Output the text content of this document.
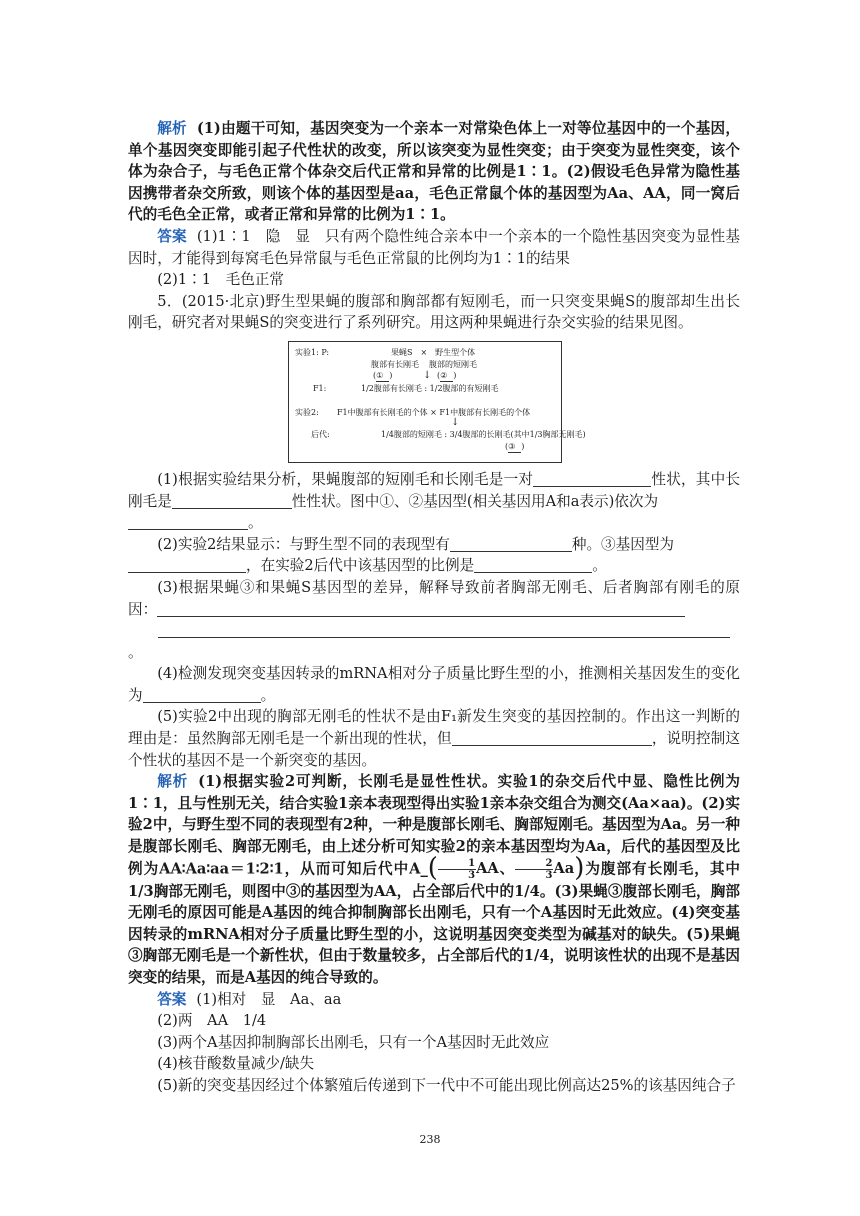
解析 (1)由题干可知，基因突变为一个亲本一对常染色体上一对等位基因中的一个基因，单个基因突变即能引起子代性状的改变，所以该突变为显性突变；由于突变为显性突变，该个体为杂合子，与毛色正常个体杂交后代正常和异常的比例是1∶1。(2)假设毛色异常为隐性基因携带者杂交所致，则该个体的基因型是aa，毛色正常鼠个体的基因型为Aa、AA，同一窝后代的毛色全正常，或者正常和异常的比例为1∶1。

答案 (1)1∶1　隐　显　只有两个隐性纯合亲本中一个亲本的一个隐性基因突变为显性基因时，才能得到每窝毛色异常鼠与毛色正常鼠的比例均为1∶1的结果

(2)1∶1　毛色正常

5．(2015·北京)野生型果蝇的腹部和胸部都有短刚毛，而一只突变果蝇S的腹部却生出长刚毛，研究者对果蝇S的突变进行了系列研究。用这两种果蝇进行杂交实验的结果见图。

实验1: P:	果蝇S　×　野生型个体
腹部有长刚毛 腹部的短刚毛
(① )	(② )
↓
F1:	1/2腹部有长刚毛 : 1/2腹部的有短刚毛
实验2: F1中腹部有长刚毛的个体 × F1中腹部有长刚毛的个体
↓
后代:	1/4腹部的短刚毛 : 3/4腹部的长刚毛(其中1/3胸部无刚毛)
(③ )

(1)根据实验结果分析，果蝇腹部的短刚毛和长刚毛是一对	性状，其中长刚毛是	性性状。图中①、②基因型(相关基因用A和a表示)依次为
。

(2)实验2结果显示：与野生型不同的表现型有	种。③基因型为
，在实验2后代中该基因型的比例是	。

(3)根据果蝇③和果蝇S基因型的差异，解释导致前者胸部无刚毛、后者胸部有刚毛的原因：
。

(4)检测发现突变基因转录的mRNA相对分子质量比野生型的小，推测相关基因发生的变化为	。

(5)实验2中出现的胸部无刚毛的性状不是由F₁新发生突变的基因控制的。作出这一判断的理由是：虽然胸部无刚毛是一个新出现的性状，但	，说明控制这个性状的基因不是一个新突变的基因。

解析 (1)根据实验2可判断，长刚毛是显性性状。实验1的杂交后代中显、隐性比例为1∶1，且与性别无关，结合实验1亲本表现型得出实验1亲本杂交组合为测交(Aa×aa)。(2)实验2中，与野生型不同的表现型有2种，一种是腹部长刚毛、胸部短刚毛。基因型为Aa。另一种是腹部长刚毛、胸部无刚毛，由上述分析可知实验2的亲本基因型均为Aa，后代的基因型及比例为AA∶Aa∶aa＝1∶2∶1，从而可知后代中A_( $\frac{1}{3}$ AA、 $\frac{2}{3} Aa$)为腹部有长刚毛，其中1/3胸部无刚毛，则图中③的基因型为AA，占全部后代中的1/4。(3)果蝇③腹部长刚毛，胸部无刚毛的原因可能是A基因的纯合抑制胸部长出刚毛，只有一个A基因时无此效应。(4)突变基因转录的mRNA相对分子质量比野生型的小，这说明基因突变类型为碱基对的缺失。(5)果蝇③胸部无刚毛是一个新性状，但由于数量较多，占全部后代的1/4，说明该性状的出现不是基因突变的结果，而是A基因的纯合导致的。

答案 (1)相对　显　Aa、aa

(2)两　AA　1/4

(3)两个A基因抑制胸部长出刚毛，只有一个A基因时无此效应

(4)核苷酸数量减少/缺失

(5)新的突变基因经过个体繁殖后传递到下一代中不可能出现比例高达25%的该基因纯合子

238
